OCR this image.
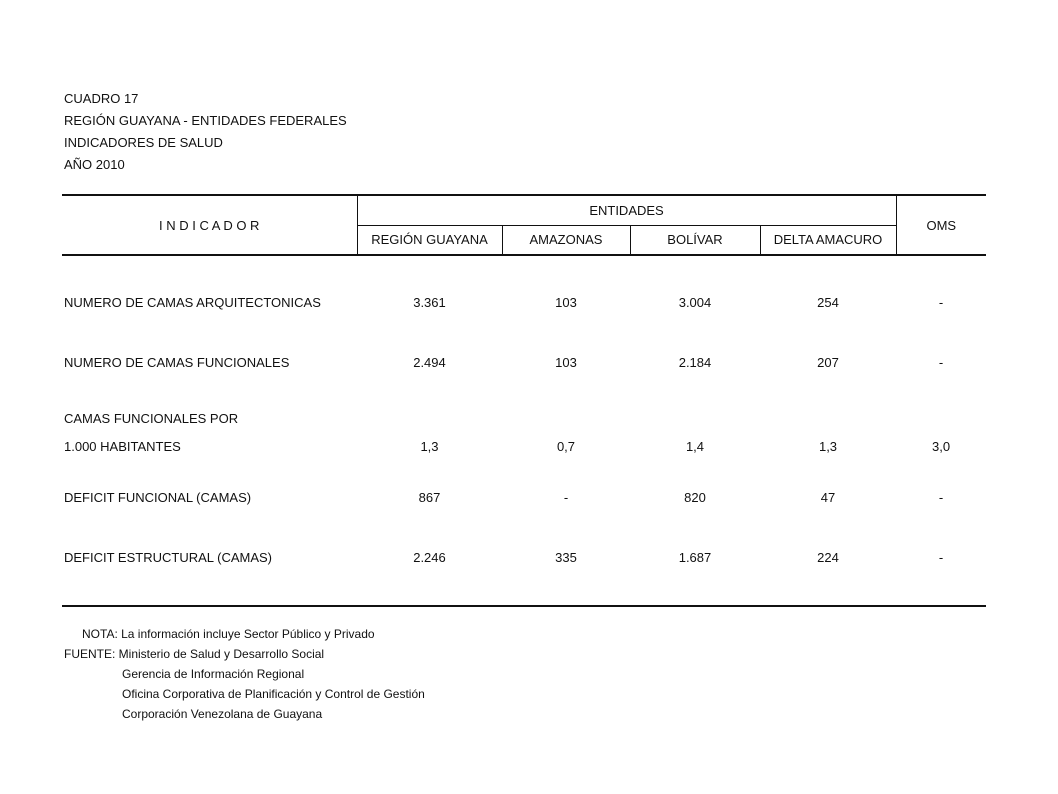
CUADRO 17
REGIÓN GUAYANA - ENTIDADES FEDERALES
INDICADORES DE SALUD
AÑO 2010
I N D I C A D O R	ENTIDADES				OMS
	REGIÓN GUAYANA	AMAZONAS	BOLÍVAR	DELTA AMACURO	

NUMERO DE CAMAS ARQUITECTONICAS	3.361	103	3.004	254	-
NUMERO DE CAMAS FUNCIONALES	2.494	103	2.184	207	-
CAMAS FUNCIONALES POR					
1.000 HABITANTES	1,3	0,7	1,4	1,3	3,0
DEFICIT FUNCIONAL (CAMAS)	867	-	820	47	-
DEFICIT ESTRUCTURAL (CAMAS)	2.246	335	1.687	224	-
NOTA: La información incluye Sector Público y Privado
FUENTE: Ministerio de Salud y Desarrollo Social
Gerencia de Información Regional
Oficina Corporativa de Planificación y Control de Gestión
Corporación Venezolana de Guayana
